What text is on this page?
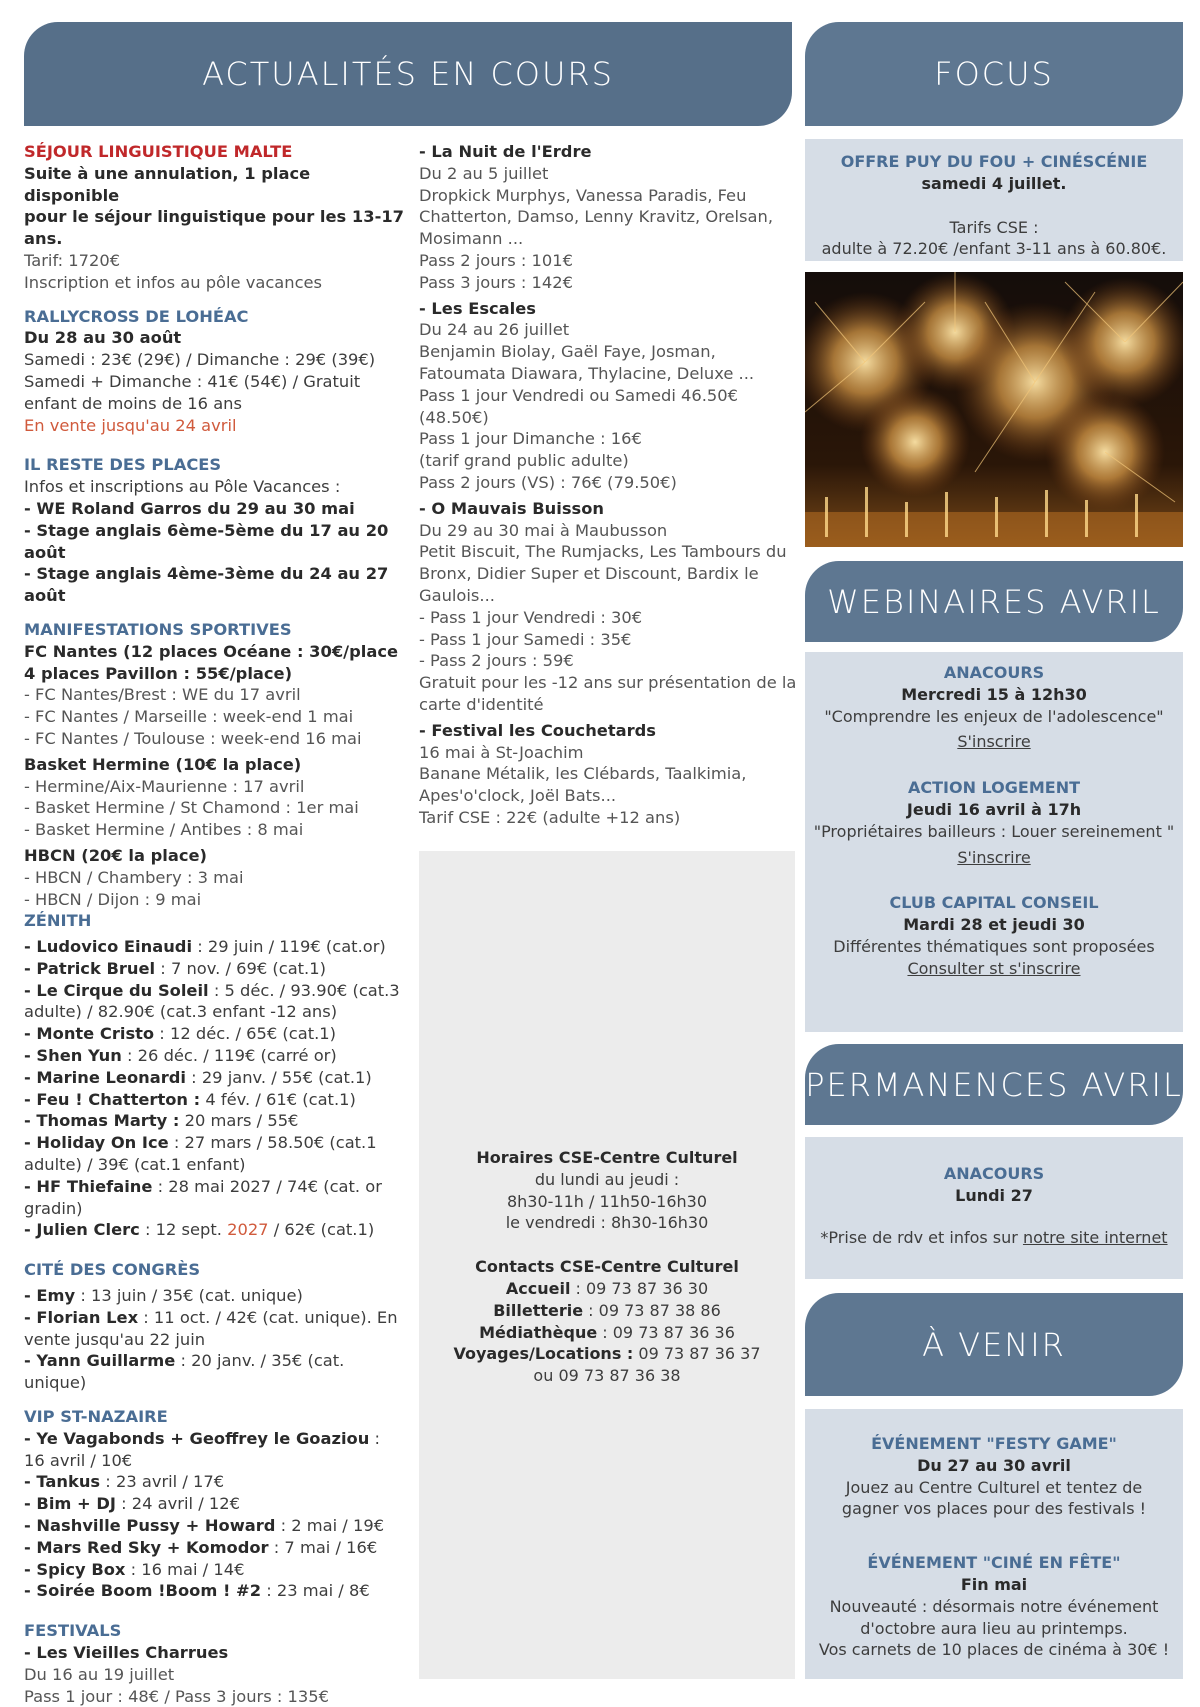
ACTUALITÉS EN COURS	FOCUS
WEBINAIRES AVRIL
PERMANENCES AVRIL
À VENIR
SÉJOUR LINGUISTIQUE MALTE
Suite à une annulation, 1 place disponible
pour le séjour linguistique pour les 13-17 ans.
Tarif: 1720€
Inscription et infos au pôle vacances
RALLYCROSS DE LOHÉAC
Du 28 au 30 août
Samedi : 23€ (29€) / Dimanche : 29€ (39€)
Samedi + Dimanche : 41€ (54€) / Gratuit
enfant de moins de 16 ans
En vente jusqu'au 24 avril
IL RESTE DES PLACES
Infos et inscriptions au Pôle Vacances :
- WE Roland Garros du 29 au 30 mai
- Stage anglais 6ème-5ème du 17 au 20 août
- Stage anglais 4ème-3ème du 24 au 27 août
MANIFESTATIONS SPORTIVES
FC Nantes (12 places Océane : 30€/place
4 places Pavillon : 55€/place)
- FC Nantes/Brest : WE du 17 avril
- FC Nantes / Marseille : week-end 1 mai
- FC Nantes / Toulouse : week-end 16 mai
Basket Hermine (10€ la place)
- Hermine/Aix-Maurienne : 17 avril
- Basket Hermine / St Chamond : 1er mai
- Basket Hermine / Antibes : 8 mai
HBCN (20€ la place)
- HBCN / Chambery : 3 mai
- HBCN / Dijon : 9 mai
ZÉNITH
- Ludovico Einaudi : 29 juin / 119€ (cat.or)
- Patrick Bruel : 7 nov. / 69€ (cat.1)
- Le Cirque du Soleil : 5 déc. / 93.90€ (cat.3 adulte) / 82.90€ (cat.3 enfant -12 ans)
- Monte Cristo : 12 déc. / 65€ (cat.1)
- Shen Yun : 26 déc. / 119€ (carré or)
- Marine Leonardi : 29 janv. / 55€ (cat.1)
- Feu ! Chatterton : 4 fév. / 61€ (cat.1)
- Thomas Marty : 20 mars / 55€
- Holiday On Ice : 27 mars / 58.50€ (cat.1 adulte) / 39€ (cat.1 enfant)
- HF Thiefaine : 28 mai 2027 / 74€ (cat. or gradin)
- Julien Clerc : 12 sept. 2027 / 62€ (cat.1)
CITÉ DES CONGRÈS
- Emy : 13 juin / 35€ (cat. unique)
- Florian Lex : 11 oct. / 42€ (cat. unique). En vente jusqu'au 22 juin
- Yann Guillarme : 20 janv. / 35€ (cat. unique)
VIP ST-NAZAIRE
- Ye Vagabonds + Geoffrey le Goaziou : 16 avril / 10€
- Tankus : 23 avril / 17€
- Bim + DJ : 24 avril / 12€
- Nashville Pussy + Howard : 2 mai / 19€
- Mars Red Sky + Komodor : 7 mai / 16€
- Spicy Box : 16 mai / 14€
- Soirée Boom !Boom ! #2 : 23 mai / 8€
FESTIVALS
- Les Vieilles Charrues
Du 16 au 19 juillet
Pass 1 jour : 48€ / Pass 3 jours : 135€
- La Nuit de l'Erdre
Du 2 au 5 juillet
Dropkick Murphys, Vanessa Paradis, Feu Chatterton, Damso, Lenny Kravitz, Orelsan, Mosimann ...
Pass 2 jours : 101€
Pass 3 jours : 142€
- Les Escales
Du 24 au 26 juillet
Benjamin Biolay, Gaël Faye, Josman, Fatoumata Diawara, Thylacine, Deluxe ...
Pass 1 jour Vendredi ou Samedi 46.50€ (48.50€)
Pass 1 jour Dimanche : 16€
(tarif grand public adulte)
Pass 2 jours (VS) : 76€ (79.50€)
- O Mauvais Buisson
Du 29 au 30 mai à Maubusson
Petit Biscuit, The Rumjacks, Les Tambours du Bronx, Didier Super et Discount, Bardix le Gaulois...
- Pass 1 jour Vendredi : 30€
- Pass 1 jour Samedi : 35€
- Pass 2 jours : 59€
Gratuit pour les -12 ans sur présentation de la carte d'identité
- Festival les Couchetards
16 mai à St-Joachim
Banane Métalik, les Clébards, Taalkimia, Apes'o'clock, Joël Bats...
Tarif CSE : 22€ (adulte +12 ans)
Horaires CSE-Centre Culturel
du lundi au jeudi :
8h30-11h / 11h50-16h30
le vendredi : 8h30-16h30
Contacts CSE-Centre Culturel
Accueil : 09 73 87 36 30
Billetterie : 09 73 87 38 86
Médiathèque : 09 73 87 36 36
Voyages/Locations : 09 73 87 36 37
ou 09 73 87 36 38
OFFRE PUY DU FOU + CINÉSCÉNIE
samedi 4 juillet.
Tarifs CSE :
adulte à 72.20€ /enfant 3-11 ans à 60.80€.
ANACOURS
Mercredi 15 à 12h30
"Comprendre les enjeux de l'adolescence"
S'inscrire
ACTION LOGEMENT
Jeudi 16 avril à 17h
"Propriétaires bailleurs : Louer sereinement "
S'inscrire
CLUB CAPITAL CONSEIL
Mardi 28 et jeudi 30
Différentes thématiques sont proposées
Consulter st s'inscrire
ANACOURS
Lundi 27
*Prise de rdv et infos sur notre site internet
ÉVÉNEMENT "FESTY GAME"
Du 27 au 30 avril
Jouez au Centre Culturel et tentez de
gagner vos places pour des festivals !
ÉVÉNEMENT "CINÉ EN FÊTE"
Fin mai
Nouveauté : désormais notre événement
d'octobre aura lieu au printemps.
Vos carnets de 10 places de cinéma à 30€ !
